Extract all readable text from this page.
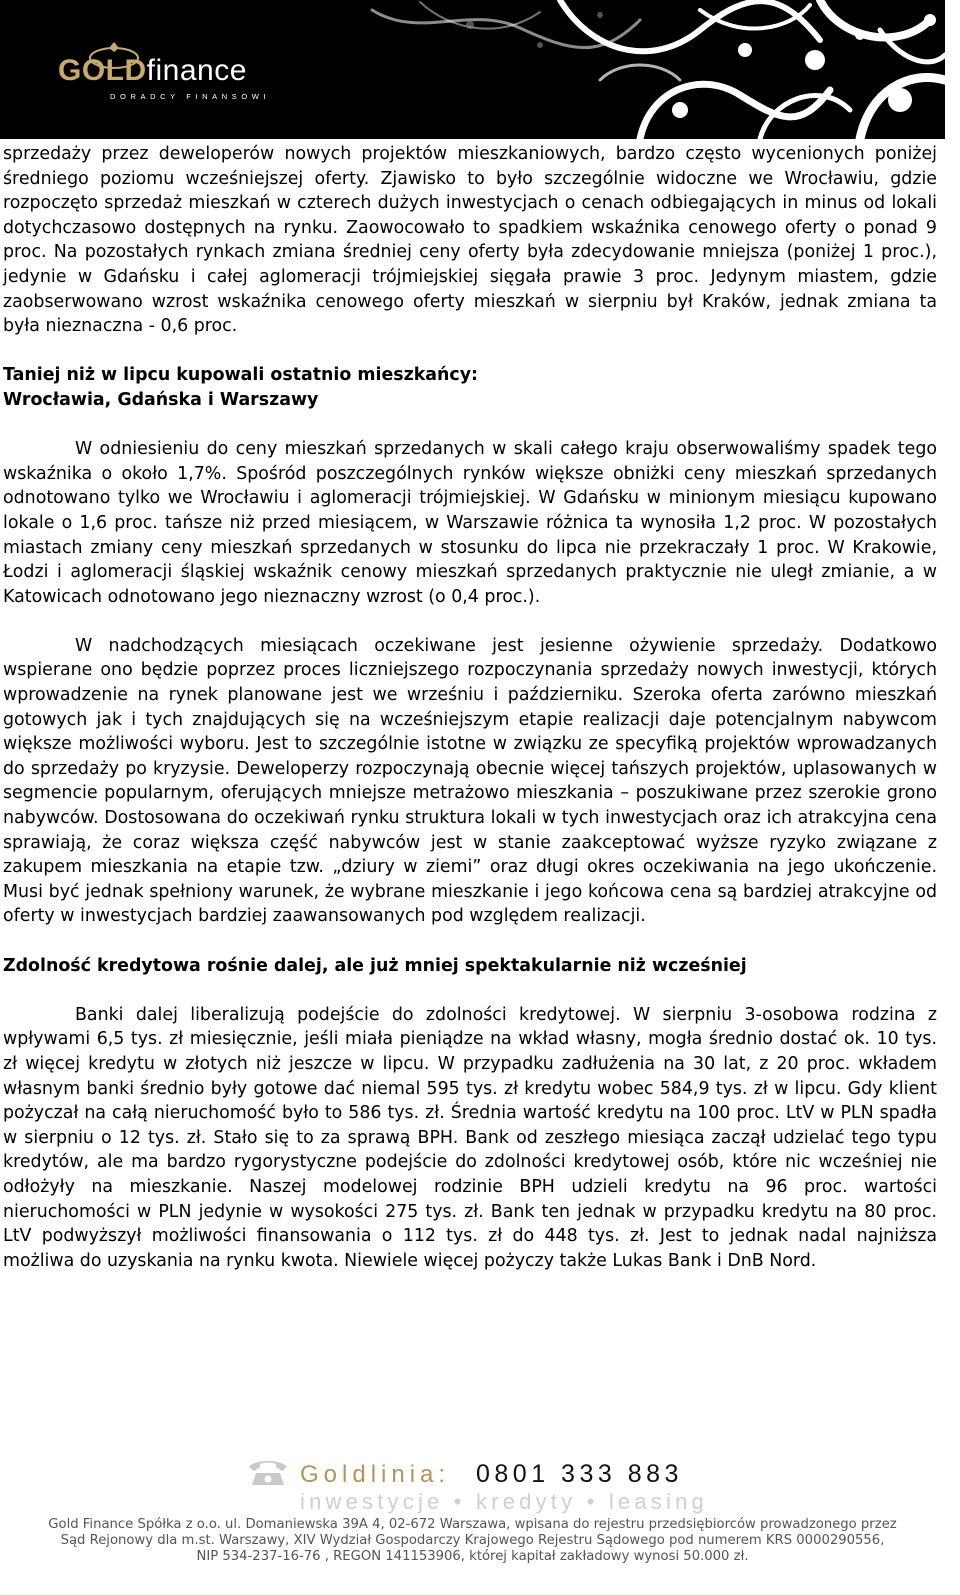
GOLDfinance
DORADCY FINANSOWI

sprzedaży przez deweloperów nowych projektów mieszkaniowych, bardzo często wycenionych poniżej średniego poziomu wcześniejszej oferty. Zjawisko to było szczególnie widoczne we Wrocławiu, gdzie rozpoczęto sprzedaż mieszkań w czterech dużych inwestycjach o cenach odbiegających in minus od lokali dotychczasowo dostępnych na rynku. Zaowocowało to spadkiem wskaźnika cenowego oferty o ponad 9 proc. Na pozostałych rynkach zmiana średniej ceny oferty była zdecydowanie mniejsza (poniżej 1 proc.), jedynie w Gdańsku i całej aglomeracji trójmiejskiej sięgała prawie 3 proc. Jedynym miastem, gdzie zaobserwowano wzrost wskaźnika cenowego oferty mieszkań w sierpniu był Kraków, jednak zmiana ta była nieznaczna - 0,6 proc.

Taniej niż w lipcu kupowali ostatnio mieszkańcy:
Wrocławia, Gdańska i Warszawy

W odniesieniu do ceny mieszkań sprzedanych w skali całego kraju obserwowaliśmy spadek tego wskaźnika o około 1,7%. Spośród poszczególnych rynków większe obniżki ceny mieszkań sprzedanych odnotowano tylko we Wrocławiu i aglomeracji trójmiejskiej. W Gdańsku w minionym miesiącu kupowano lokale o 1,6 proc. tańsze niż przed miesiącem, w Warszawie różnica ta wynosiła 1,2 proc. W pozostałych miastach zmiany ceny mieszkań sprzedanych w stosunku do lipca nie przekraczały 1 proc. W Krakowie, Łodzi i aglomeracji śląskiej wskaźnik cenowy mieszkań sprzedanych praktycznie nie uległ zmianie, a w Katowicach odnotowano jego nieznaczny wzrost (o 0,4 proc.).

W nadchodzących miesiącach oczekiwane jest jesienne ożywienie sprzedaży. Dodatkowo wspierane ono będzie poprzez proces liczniejszego rozpoczynania sprzedaży nowych inwestycji, których wprowadzenie na rynek planowane jest we wrześniu i październiku. Szeroka oferta zarówno mieszkań gotowych jak i tych znajdujących się na wcześniejszym etapie realizacji daje potencjalnym nabywcom większe możliwości wyboru. Jest to szczególnie istotne w związku ze specyfiką projektów wprowadzanych do sprzedaży po kryzysie. Deweloperzy rozpoczynają obecnie więcej tańszych projektów, uplasowanych w segmencie popularnym, oferujących mniejsze metrażowo mieszkania – poszukiwane przez szerokie grono nabywców. Dostosowana do oczekiwań rynku struktura lokali w tych inwestycjach oraz ich atrakcyjna cena sprawiają, że coraz większa część nabywców jest w stanie zaakceptować wyższe ryzyko związane z zakupem mieszkania na etapie tzw. „dziury w ziemi” oraz długi okres oczekiwania na jego ukończenie. Musi być jednak spełniony warunek, że wybrane mieszkanie i jego końcowa cena są bardziej atrakcyjne od oferty w inwestycjach bardziej zaawansowanych pod względem realizacji.

Zdolność kredytowa rośnie dalej, ale już mniej spektakularnie niż wcześniej

Banki dalej liberalizują podejście do zdolności kredytowej. W sierpniu 3-osobowa rodzina z wpływami 6,5 tys. zł miesięcznie, jeśli miała pieniądze na wkład własny, mogła średnio dostać ok. 10 tys. zł więcej kredytu w złotych niż jeszcze w lipcu. W przypadku zadłużenia na 30 lat, z 20 proc. wkładem własnym banki średnio były gotowe dać niemal 595 tys. zł kredytu wobec 584,9 tys. zł w lipcu. Gdy klient pożyczał na całą nieruchomość było to 586 tys. zł. Średnia wartość kredytu na 100 proc. LtV w PLN spadła w sierpniu o 12 tys. zł. Stało się to za sprawą BPH. Bank od zeszłego miesiąca zaczął udzielać tego typu kredytów, ale ma bardzo rygorystyczne podejście do zdolności kredytowej osób, które nic wcześniej nie odłożyły na mieszkanie. Naszej modelowej rodzinie BPH udzieli kredytu na 96 proc. wartości nieruchomości w PLN jedynie w wysokości 275 tys. zł. Bank ten jednak w przypadku kredytu na 80 proc. LtV podwyższył możliwości finansowania o 112 tys. zł do 448 tys. zł. Jest to jednak nadal najniższa możliwa do uzyskania na rynku kwota. Niewiele więcej pożyczy także Lukas Bank i DnB Nord.

Goldlinia: 0801 333 883
inwestycje • kredyty • leasing
Gold Finance Spółka z o.o. ul. Domaniewska 39A 4, 02-672 Warszawa, wpisana do rejestru przedsiębiorców prowadzonego przez
Sąd Rejonowy dla m.st. Warszawy, XIV Wydział Gospodarczy Krajowego Rejestru Sądowego pod numerem KRS 0000290556,
NIP 534-237-16-76 , REGON 141153906, której kapitał zakładowy wynosi 50.000 zł.
